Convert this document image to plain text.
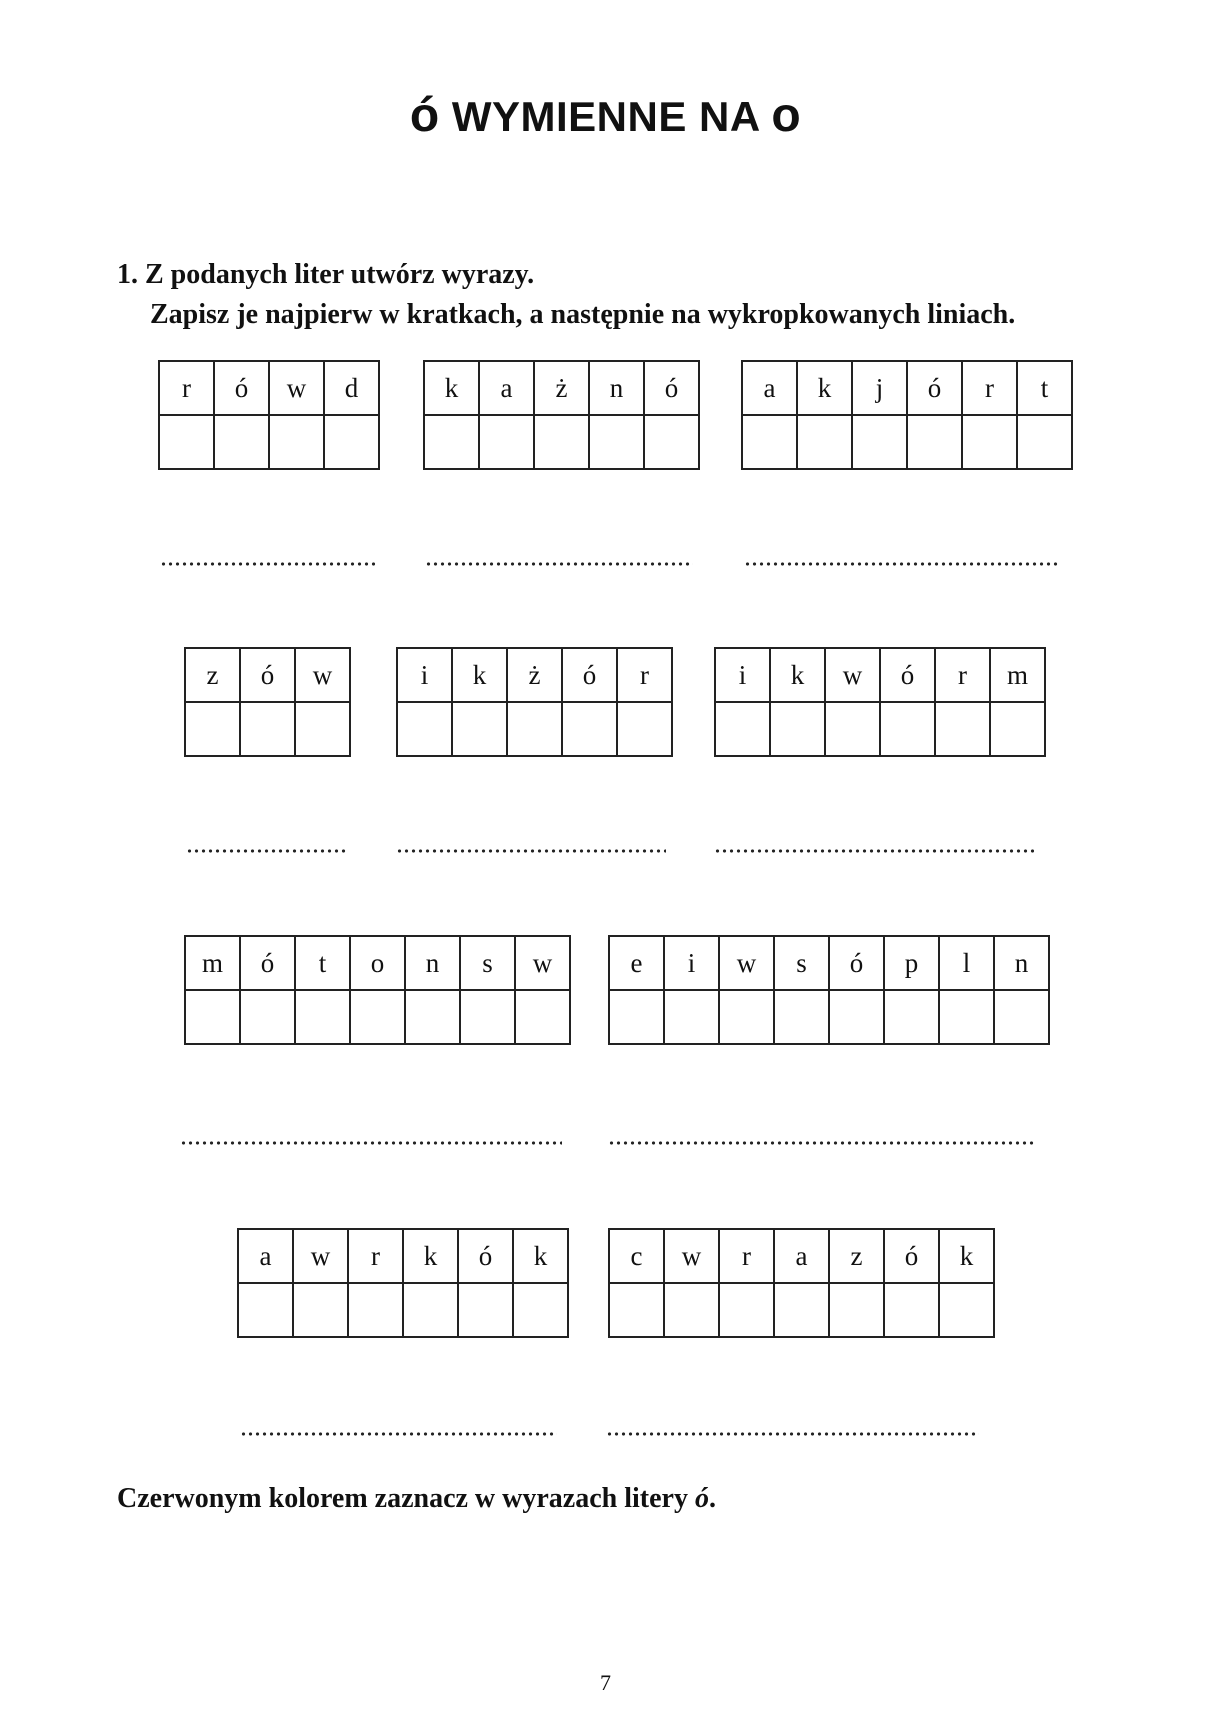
ó WYMIENNE NA o
1. Z podanych liter utwórz wyrazy.
Zapisz je najpierw w kratkach, a następnie na wykropkowanych liniach.
r	ó	w	d
				k	a	ż	n	ó
					a	k	j	ó	r	t

z	ó	w
			i	k	ż	ó	r
					i	k	w	ó	r	m

m	ó	t	o	n	s	w
							e	i	w	s	ó	p	l	n

a	w	r	k	ó	k
						c	w	r	a	z	ó	k

Czerwonym kolorem zaznacz w wyrazach litery ó.
7
